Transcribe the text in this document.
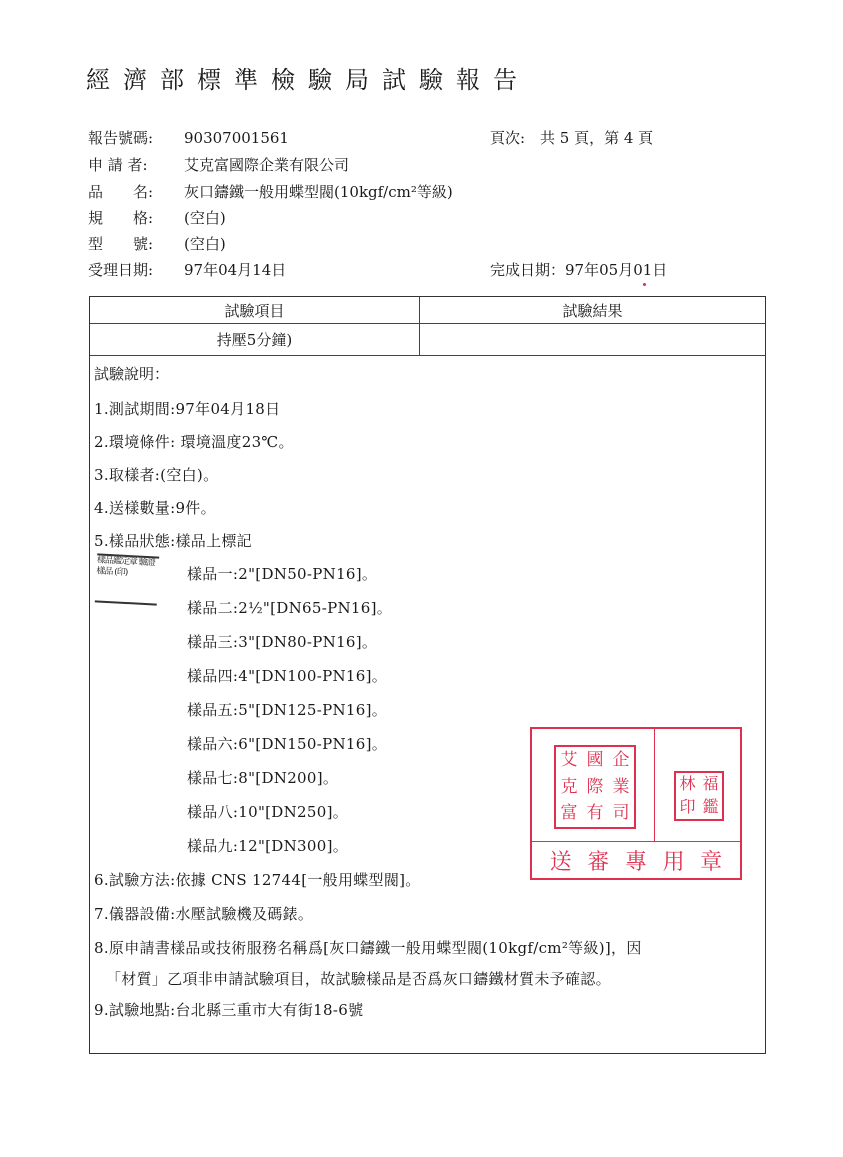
經濟部標準檢驗局試驗報告
報告號碼: 90307001561	頁次: 共 5 頁，第 4 頁
申 請 者: 艾克富國際企業有限公司
品　　名: 灰口鑄鐵一般用蝶型閥(10kgf/cm²等級)
規　　格: (空白)
型　　號: (空白)
受理日期: 97年04月14日	完成日期：97年05月01日
試驗項目	試驗結果
持壓5分鐘)
試驗說明：
1.測試期間:97年04月18日
2.環境條件: 環境溫度23℃。
3.取樣者:(空白)。
4.送樣數量:9件。
5.樣品狀態:樣品上標記
樣品一:2"[DN50-PN16]。
樣品二:2½"[DN65-PN16]。
樣品三:3"[DN80-PN16]。
樣品四:4"[DN100-PN16]。
樣品五:5"[DN125-PN16]。
樣品六:6"[DN150-PN16]。
樣品七:8"[DN200]。
樣品八:10"[DN250]。
樣品九:12"[DN300]。
6.試驗方法:依據 CNS 12744[一般用蝶型閥]。
7.儀器設備:水壓試驗機及碼錶。
8.原申請書樣品或技術服務名稱爲[灰口鑄鐵一般用蝶型閥(10kgf/cm²等級)]，因
「材質」乙項非申請試驗項目，故試驗樣品是否爲灰口鑄鐵材質未予確認。
9.試驗地點:台北縣三重市大有街18-6號
樣品鑑定章 驗證樣品 (印)
艾 國 企
克 際 業
富 有 司
林 福
印 鑑
送 審 專 用 章
